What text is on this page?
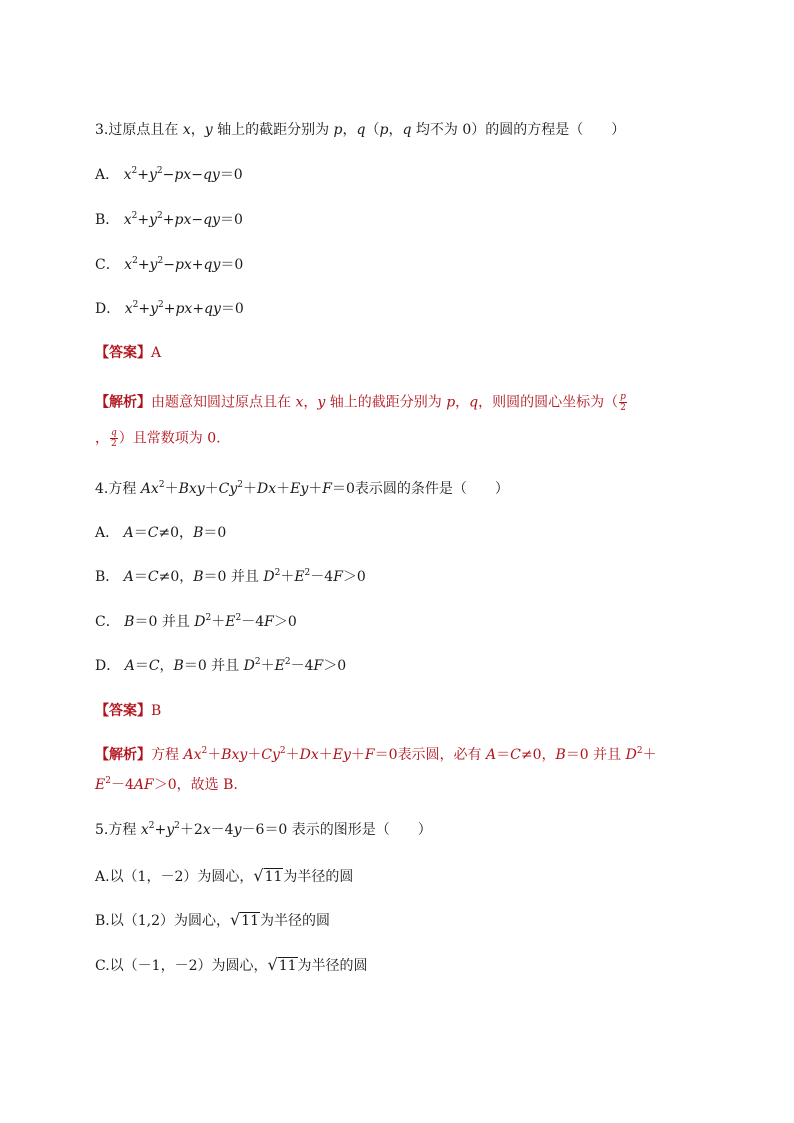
3.过原点且在 x，y 轴上的截距分别为 p，q（p，q 均不为 0）的圆的方程是（　　）
A． $x^2+y^2-px-qy=0$
B． $x^2+y^2+px-qy=0$
C． $x^2+y^2-px+qy=0$
D． $x^2+y^2+px+qy=0$
【答案】A
【解析】由题意知圆过原点且在 x，y 轴上的截距分别为 p，q，则圆的圆心坐标为（ $\frac{p}{2}$
， $\frac{q}{2}$ ）且常数项为 0.
4.方程 $Ax^2+Bxy+Cy^2+Dx+Ey+F=0$表示圆的条件是（　　）
A． A＝C≠0，B＝0
B． A＝C≠0，B＝0 并且 $D^2+E^2-4F>0$
C． B＝0 并且 $D^2+E^2-4F>0$
D． A＝C，B＝0 并且 $D^2+E^2-4F>0$
【答案】B
【解析】方程 $Ax^2+Bxy+Cy^2+Dx+Ey+F=0$表示圆，必有 A＝C≠0，B＝0 并且 $D^2+$
$E^2-4AF>0$，故选 B.
5.方程 $x^2+y^2+2x-4y-6=0$ 表示的图形是（　　）
A.以（1，－2）为圆心，√11为半径的圆
B.以（1,2）为圆心，√11为半径的圆
C.以（－1，－2）为圆心，√11为半径的圆
